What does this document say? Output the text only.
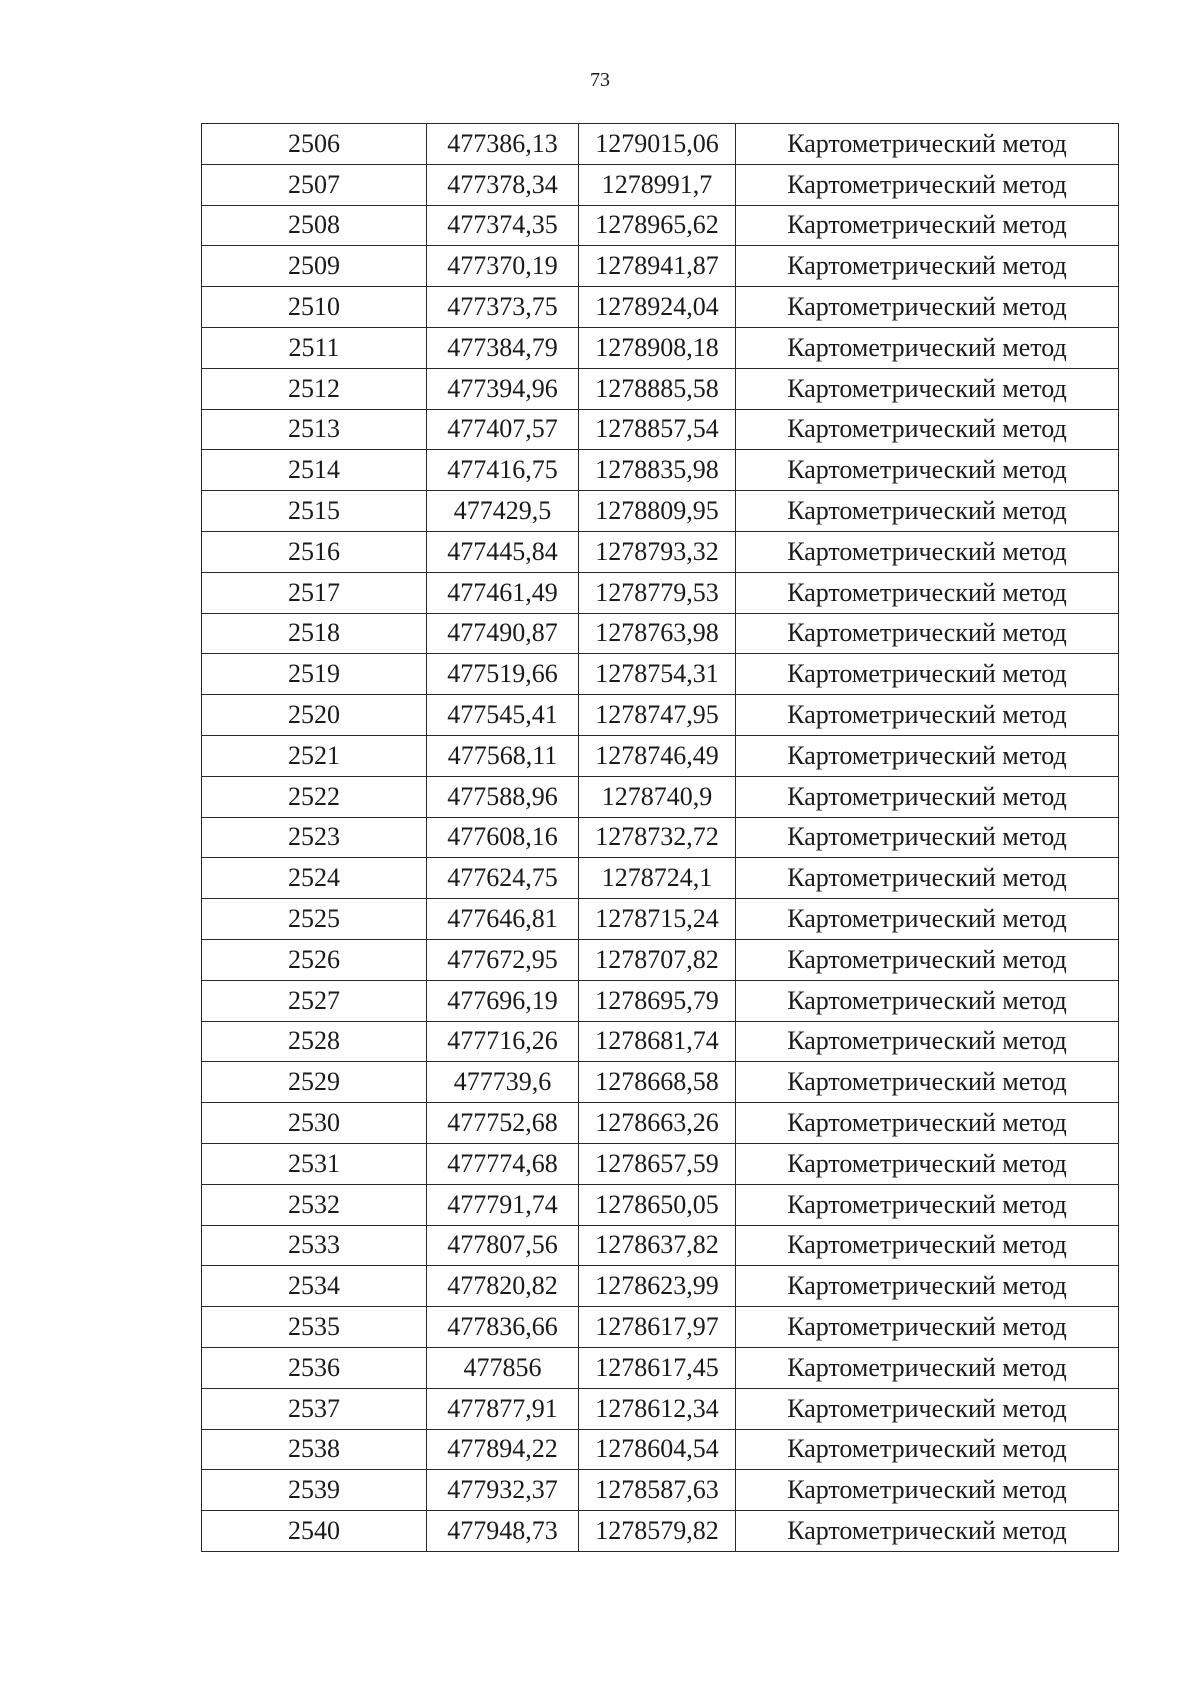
73
2506	477386,13	1279015,06	Картометрический метод
2507	477378,34	1278991,7	Картометрический метод
2508	477374,35	1278965,62	Картометрический метод
2509	477370,19	1278941,87	Картометрический метод
2510	477373,75	1278924,04	Картометрический метод
2511	477384,79	1278908,18	Картометрический метод
2512	477394,96	1278885,58	Картометрический метод
2513	477407,57	1278857,54	Картометрический метод
2514	477416,75	1278835,98	Картометрический метод
2515	477429,5	1278809,95	Картометрический метод
2516	477445,84	1278793,32	Картометрический метод
2517	477461,49	1278779,53	Картометрический метод
2518	477490,87	1278763,98	Картометрический метод
2519	477519,66	1278754,31	Картометрический метод
2520	477545,41	1278747,95	Картометрический метод
2521	477568,11	1278746,49	Картометрический метод
2522	477588,96	1278740,9	Картометрический метод
2523	477608,16	1278732,72	Картометрический метод
2524	477624,75	1278724,1	Картометрический метод
2525	477646,81	1278715,24	Картометрический метод
2526	477672,95	1278707,82	Картометрический метод
2527	477696,19	1278695,79	Картометрический метод
2528	477716,26	1278681,74	Картометрический метод
2529	477739,6	1278668,58	Картометрический метод
2530	477752,68	1278663,26	Картометрический метод
2531	477774,68	1278657,59	Картометрический метод
2532	477791,74	1278650,05	Картометрический метод
2533	477807,56	1278637,82	Картометрический метод
2534	477820,82	1278623,99	Картометрический метод
2535	477836,66	1278617,97	Картометрический метод
2536	477856	1278617,45	Картометрический метод
2537	477877,91	1278612,34	Картометрический метод
2538	477894,22	1278604,54	Картометрический метод
2539	477932,37	1278587,63	Картометрический метод
2540	477948,73	1278579,82	Картометрический метод
